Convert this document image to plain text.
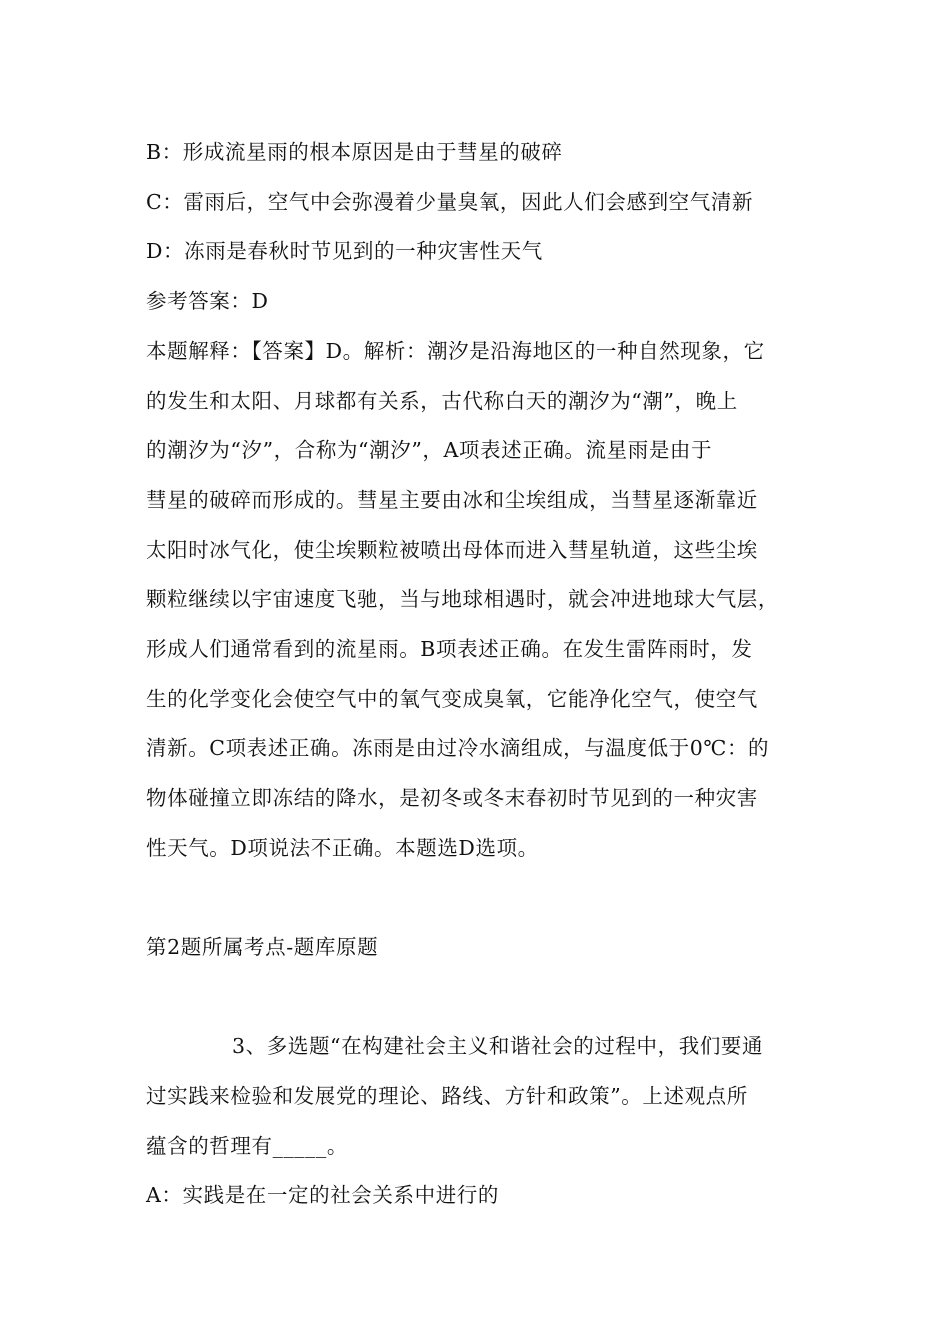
B：形成流星雨的根本原因是由于彗星的破碎
C：雷雨后，空气中会弥漫着少量臭氧，因此人们会感到空气清新
D：冻雨是春秋时节见到的一种灾害性天气
参考答案：D
本题解释：【答案】D。解析：潮汐是沿海地区的一种自然现象，它
的发生和太阳、月球都有关系，古代称白天的潮汐为“潮”，晚上
的潮汐为“汐”，合称为“潮汐”，A项表述正确。流星雨是由于
彗星的破碎而形成的。彗星主要由冰和尘埃组成，当彗星逐渐靠近
太阳时冰气化，使尘埃颗粒被喷出母体而进入彗星轨道，这些尘埃
颗粒继续以宇宙速度飞驰，当与地球相遇时，就会冲进地球大气层，
形成人们通常看到的流星雨。B项表述正确。在发生雷阵雨时，发
生的化学变化会使空气中的氧气变成臭氧，它能净化空气，使空气
清新。C项表述正确。冻雨是由过冷水滴组成，与温度低于0℃：的
物体碰撞立即冻结的降水，是初冬或冬末春初时节见到的一种灾害
性天气。D项说法不正确。本题选D选项。
第2题所属考点-题库原题
3、多选题“在构建社会主义和谐社会的过程中，我们要通
过实践来检验和发展党的理论、路线、方针和政策”。上述观点所
蕴含的哲理有_____。
A：实践是在一定的社会关系中进行的
